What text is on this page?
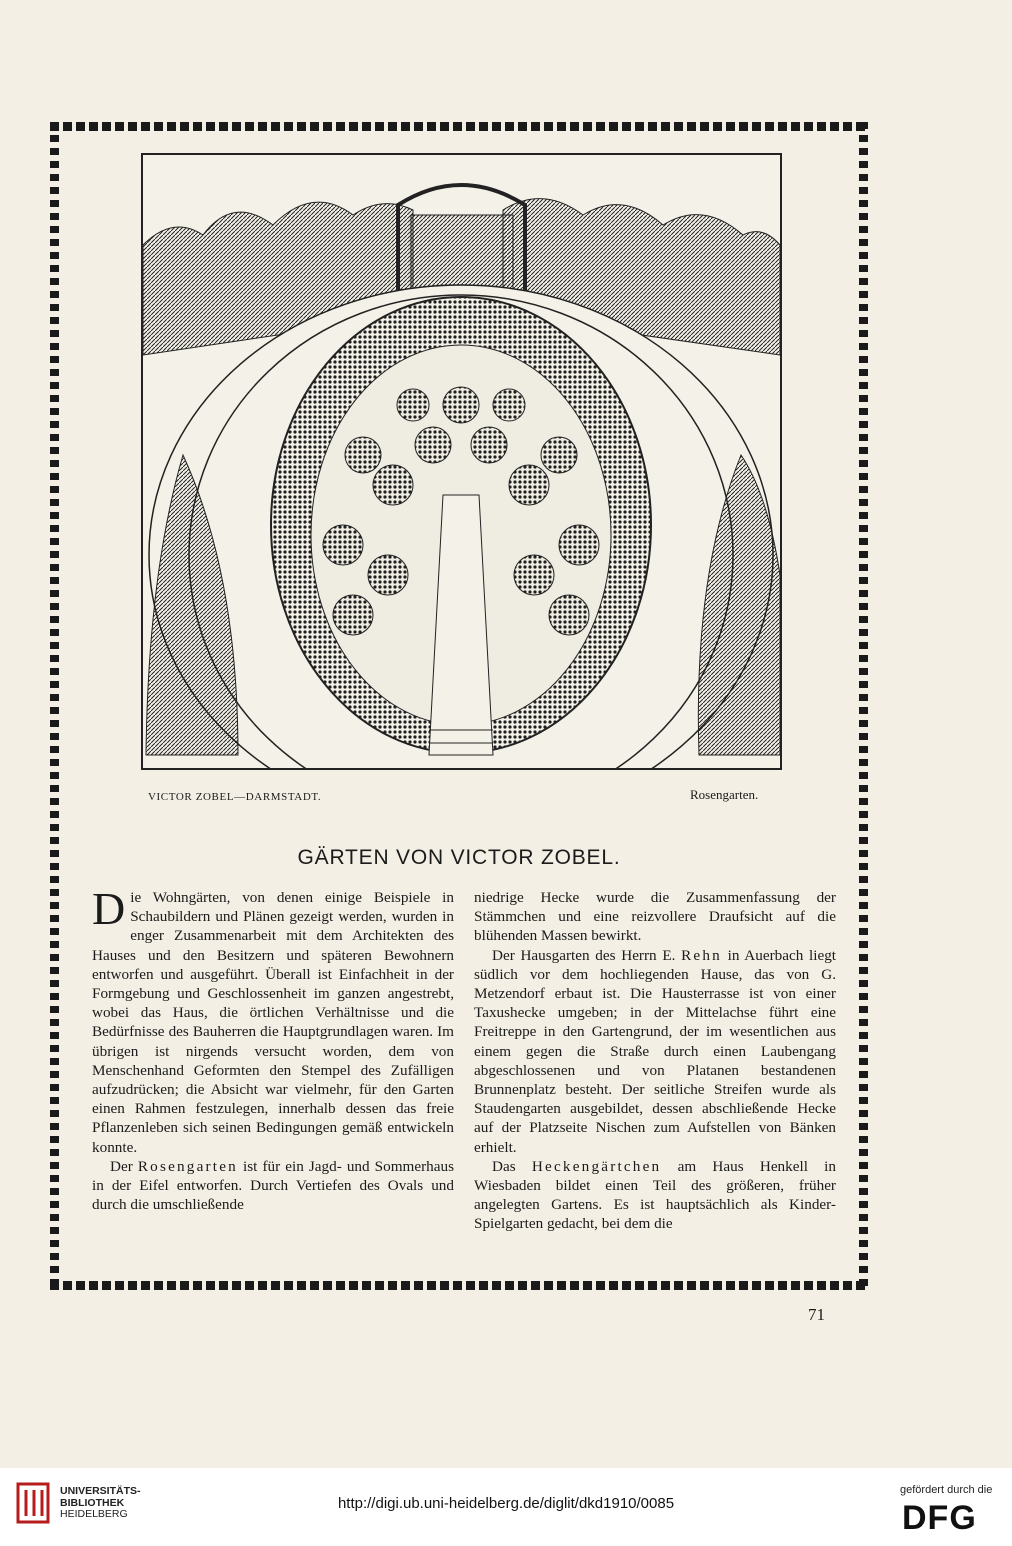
VICTOR ZOBEL—DARMSTADT.	Rosengarten.
GÄRTEN VON VICTOR ZOBEL.

Die Wohngärten, von denen einige Beispiele in Schaubildern und Plänen gezeigt werden, wurden in enger Zusammenarbeit mit dem Architekten des Hauses und den Besitzern und späteren Bewohnern entworfen und ausgeführt. Überall ist Einfachheit in der Formgebung und Geschlossenheit im ganzen angestrebt, wobei das Haus, die örtlichen Verhältnisse und die Bedürfnisse des Bauherren die Hauptgrundlagen waren. Im übrigen ist nirgends versucht worden, dem von Menschenhand Geformten den Stempel des Zufälligen aufzudrücken; die Absicht war vielmehr, für den Garten einen Rahmen festzulegen, innerhalb dessen das freie Pflanzenleben sich seinen Bedingungen gemäß entwickeln konnte.

Der Rosengarten ist für ein Jagd- und Sommerhaus in der Eifel entworfen. Durch Vertiefen des Ovals und durch die umschließende

niedrige Hecke wurde die Zusammenfassung der Stämmchen und eine reizvollere Draufsicht auf die blühenden Massen bewirkt.

Der Hausgarten des Herrn E. Rehn in Auerbach liegt südlich vor dem hochliegenden Hause, das von G. Metzendorf erbaut ist. Die Hausterrasse ist von einer Taxushecke umgeben; in der Mittelachse führt eine Freitreppe in den Gartengrund, der im wesentlichen aus einem gegen die Straße durch einen Laubengang abgeschlossenen und von Platanen bestandenen Brunnenplatz besteht. Der seitliche Streifen wurde als Staudengarten ausgebildet, dessen abschließende Hecke auf der Platzseite Nischen zum Aufstellen von Bänken erhielt.

Das Heckengärtchen am Haus Henkell in Wiesbaden bildet einen Teil des größeren, früher angelegten Gartens. Es ist hauptsächlich als Kinder-Spielgarten gedacht, bei dem die

71
UNIVERSITÄTS-
BIBLIOTHEK
HEIDELBERG
http://digi.ub.uni-heidelberg.de/diglit/dkd1910/0085
gefördert durch die
DFG
